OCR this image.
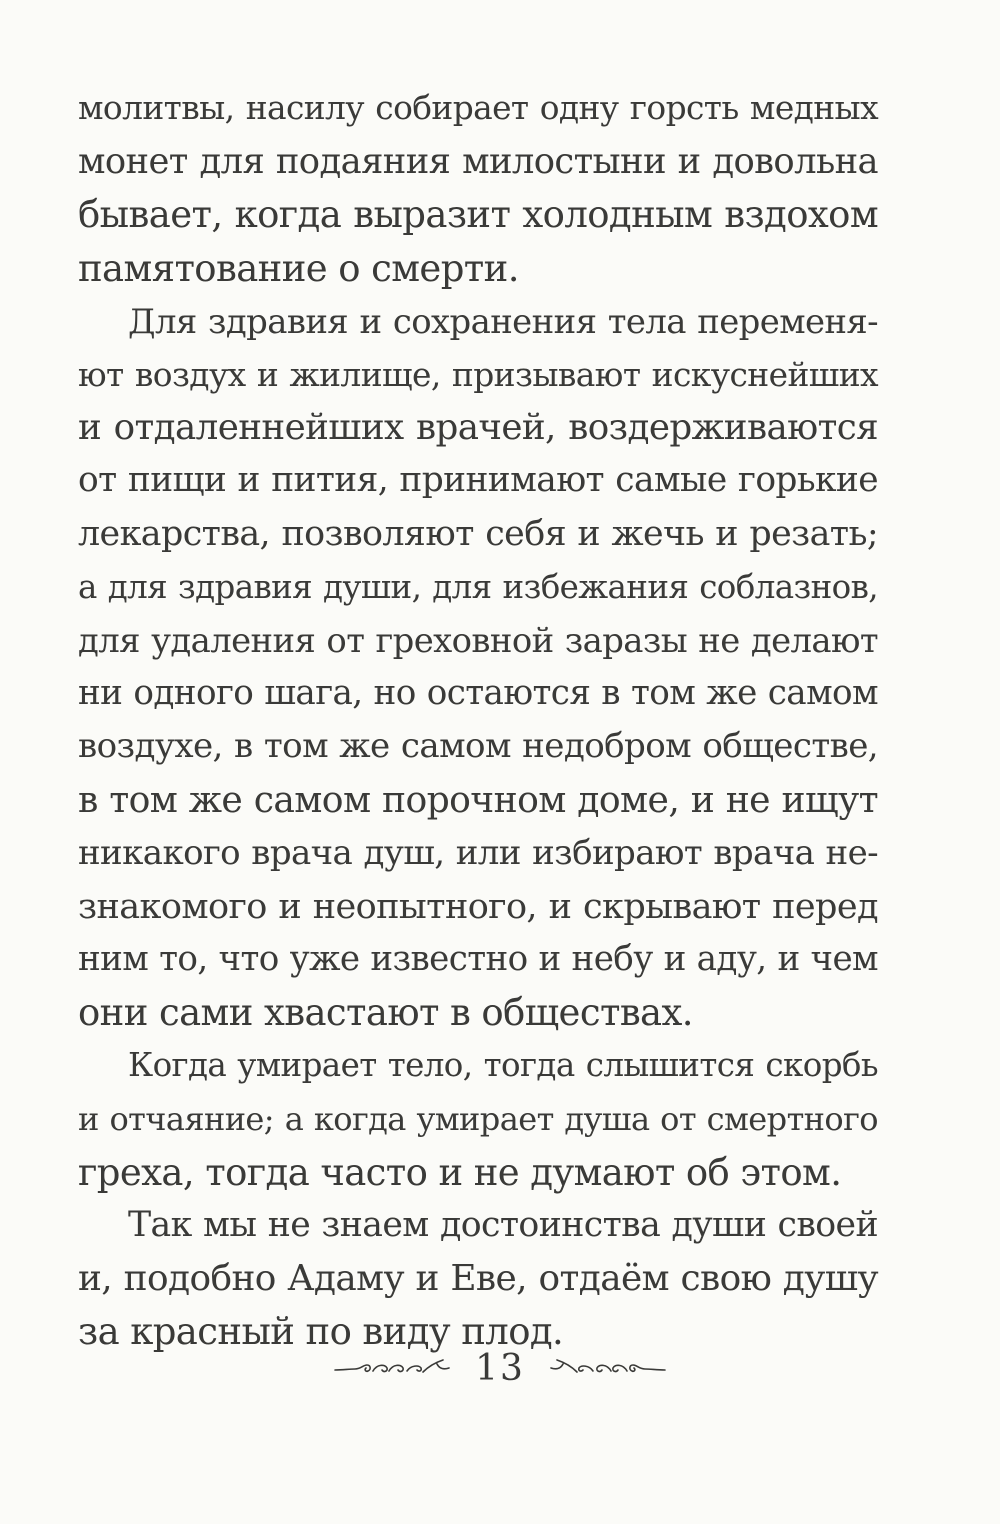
молитвы, насилу собирает одну горсть медных
монет для подаяния милостыни и довольна
бывает, когда выразит холодным вздохом
памятование о смерти.
Для здравия и сохранения тела переменя-
ют воздух и жилище, призывают искуснейших
и отдаленнейших врачей, воздерживаются
от пищи и пития, принимают самые горькие
лекарства, позволяют себя и жечь и резать;
а для здравия души, для избежания соблазнов,
для удаления от греховной заразы не делают
ни одного шага, но остаются в том же самом
воздухе, в том же самом недобром обществе,
в том же самом порочном доме, и не ищут
никакого врача душ, или избирают врача не-
знакомого и неопытного, и скрывают перед
ним то, что уже известно и небу и аду, и чем
они сами хвастают в обществах.
Когда умирает тело, тогда слышится скорбь
и отчаяние; а когда умирает душа от смертного
греха, тогда часто и не думают об этом.
Так мы не знаем достоинства души своей
и, подобно Адаму и Еве, отдаём свою душу
за красный по виду плод.
13
